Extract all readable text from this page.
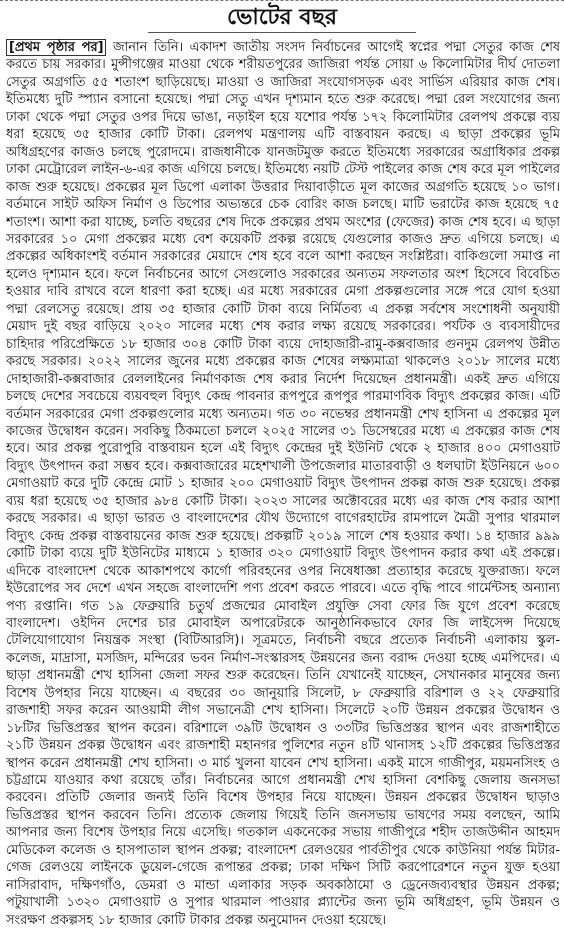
ভোটের বছর

[প্রথম পৃষ্ঠার পর] জানান তিনি। একাদশ জাতীয় সংসদ নির্বাচনের আগেই স্বপ্নের পদ্মা সেতুর কাজ শেষ করতে চায় সরকার। মুন্সীগঞ্জের মাওয়া থেকে শরীয়তপুরের জাজিরা পর্যন্ত সোয়া ৬ কিলোমিটার দীর্ঘ দোতলা সেতুর অগ্রগতি ৫৫ শতাংশ ছাড়িয়েছে। মাওয়া ও জাজিরা সংযোগসড়ক এবং সার্ভিস এরিয়ার কাজ শেষ। ইতিমধ্যে দুটি স্প্যান বসানো হয়েছে। পদ্মা সেতু এখন দৃশ্যমান হতে শুরু করেছে। পদ্মা রেল সংযোগের জন্য ঢাকা থেকে পদ্মা সেতুর ওপর দিয়ে ভাঙা, নড়াইল হয়ে যশোর পর্যন্ত ১৭২ কিলোমিটার রেলপথ প্রকল্পে ব্যয় ধরা হয়েছে ৩৫ হাজার কোটি টাকা। রেলপথ মন্ত্রণালয় এটি বাস্তবায়ন করছে। এ ছাড়া প্রকল্পের ভূমি অধিগ্রহণের কাজও চলছে পুরোদমে। রাজধানীকে যানজটমুক্ত করতে ইতিমধ্যে সরকারের অগ্রাধিকার প্রকল্প ঢাকা মেট্রোরেল লাইন-৬-এর কাজ এগিয়ে চলছে। ইতিমধ্যে নয়টি টেস্ট পাইলের কাজ শেষ করে মূল পাইলের কাজ শুরু হয়েছে। প্রকল্পের মূল ডিপো এলাকা উত্তরার দিয়াবাড়ীতে মূল কাজের অগ্রগতি হয়েছে ১০ ভাগ। বর্তমানে সাইট অফিস নির্মাণ ও ডিপোর অভ্যন্তরে চেক বোরিং কাজ চলছে। মাটি ভরাটের কাজ হয়েছে ৭৫ শতাংশ। আশা করা যাচ্ছে, চলতি বছরের শেষ দিকে প্রকল্পের প্রথম অংশের (ফেজের) কাজ শেষ হবে। এ ছাড়া সরকারের ১০ মেগা প্রকল্পের মধ্যে বেশ কয়েকটি প্রকল্প রয়েছে যেগুলোর কাজও দ্রুত এগিয়ে চলছে। এ প্রকল্পের অধিকাংশই বর্তমান সরকারের মেয়াদে শেষ হবে বলে আশা করছেন সংশ্লিষ্টরা। বাকিগুলো সমাপ্ত না হলেও দৃশ্যমান হবে। ফলে নির্বাচনের আগে সেগুলোও সরকারের অন্যতম সফলতার অংশ হিসেবে বিবেচিত হওয়ার দাবি রাখবে বলে ধারণা করা হচ্ছে। এর মধ্যে সরকারের মেগা প্রকল্পগুলোর সঙ্গে পরে যোগ হওয়া পদ্মা রেলসেতু রয়েছে। প্রায় ৩৫ হাজার কোটি টাকা ব্যয়ে নির্মিতব্য এ প্রকল্প সর্বশেষ সংশোধনী অনুযায়ী মেয়াদ দুই বছর বাড়িয়ে ২০২০ সালের মধ্যে শেষ করার লক্ষ্য রয়েছে সরকারের। পর্যটক ও ব্যবসায়ীদের চাহিদার পরিপ্রেক্ষিতে ১৮ হাজার ৩০৪ কোটি টাকা ব্যয়ে দোহাজারী-রামু-কক্সবাজার গুনদুম রেলপথ উন্নীত করছে সরকার। ২০২২ সালের জুনের মধ্যে প্রকল্পের কাজ শেষের লক্ষ্যমাত্রা থাকলেও ২০১৮ সালের মধ্যে দোহাজারী-কক্সবাজার রেললাইনের নির্মাণকাজ শেষ করার নির্দেশ দিয়েছেন প্রধানমন্ত্রী। একই দ্রুত এগিয়ে চলছে দেশের সবচেয়ে ব্যয়বহুল বিদ্যুৎ কেন্দ্র পাবনার রূপপুরে রূপপুর পারমাণবিক বিদ্যুৎ প্রকল্পের কাজ। এটি বর্তমান সরকারের মেগা প্রকল্পগুলোর মধ্যে অন্যতম। গত ৩০ নভেম্বর প্রধানমন্ত্রী শেখ হাসিনা এ প্রকল্পের মূল কাজের উদ্বোধন করেন। সবকিছু ঠিকমতো চললে ২০২৫ সালের ৩১ ডিসেম্বরের মধ্যে এ প্রকল্পের কাজ শেষ হবে। আর প্রকল্প পুরোপুরি বাস্তবায়ন হলে এই বিদ্যুৎ কেন্দ্রের দুই ইউনিট থেকে ২ হাজার ৪০০ মেগাওয়াট বিদ্যুৎ উৎপাদন করা সম্ভব হবে। কক্সবাজারের মহেশখালী উপজেলার মাতারবাড়ী ও ধলঘাটা ইউনিয়নে ৬০০ মেগাওয়াট করে দুটি কেন্দ্রে মোট ১ হাজার ২০০ মেগাওয়াট বিদ্যুৎ উৎপাদন প্রকল্প কাজ শুরু হয়েছে। প্রকল্প ব্যয় ধরা হয়েছে ৩৫ হাজার ৯৮৪ কোটি টাকা। ২০২৩ সালের অক্টোবরের মধ্যে এর কাজ শেষ করার আশা করছে সরকার। এ ছাড়া ভারত ও বাংলাদেশের যৌথ উদ্যোগে বাগেরহাটের রামপালে মৈত্রী সুপার থারমাল বিদ্যুৎ কেন্দ্র প্রকল্প বাস্তবায়নের কাজ শুরু হয়েছে। প্রকল্পটি ২০১৯ সালে শেষ হওয়ার কথা। ১৪ হাজার ৯৯৯ কোটি টাকা ব্যয়ে দুটি ইউনিটের মাধ্যমে ১ হাজার ৩২০ মেগাওয়াট বিদ্যুৎ উৎপাদন করার কথা এই প্রকল্পে। এদিকে বাংলাদেশ থেকে আকাশপথে কার্গো পরিবহনের ওপর নিষেধাজ্ঞা প্রত্যাহার করেছে যুক্তরাজ্য। ফলে ইউরোপের সব দেশে এখন সহজে বাংলাদেশি পণ্য প্রবেশ করতে পারবে। এতে বৃদ্ধি পাবে গার্মেন্টসহ অন্যান্য পণ্য রপ্তানি। গত ১৯ ফেব্রুয়ারি চতুর্থ প্রজন্মের মোবাইল প্রযুক্তি সেবা ফোর জি যুগে প্রবেশ করেছে বাংলাদেশ। ওইদিন দেশের চার মোবাইল অপারেটরকে আনুষ্ঠানিকভাবে ফোর জি লাইসেন্স দিয়েছে টেলিযোগাযোগ নিয়ন্ত্রক সংস্থা (বিটিআরসি)। সূত্রমতে, নির্বাচনী বছরে প্রত্যেক নির্বাচনী এলাকায় স্কুল-কলেজ, মাদ্রাসা, মসজিদ, মন্দিরের ভবন নির্মাণ-সংস্কারসহ উন্নয়নের জন্য বরাদ্দ দেওয়া হচ্ছে এমপিদের। এ ছাড়া প্রধানমন্ত্রী শেখ হাসিনা জেলা সফর শুরু করেছেন। তিনি যেখানেই যাচ্ছেন, সেখানকার মানুষের জন্য বিশেষ উপহার নিয়ে যাচ্ছেন। এ বছরের ৩০ জানুয়ারি সিলেট, ৮ ফেব্রুয়ারি বরিশাল ও ২২ ফেব্রুয়ারি রাজশাহী সফর করেন আওয়ামী লীগ সভানেত্রী শেখ হাসিনা। সিলেটে ২০টি উন্নয়ন প্রকল্পের উদ্বোধন ও ১৮টির ভিত্তিপ্রস্তর স্থাপন করেন। বরিশালে ৩৯টি উদ্বোধন ও ৩৩টির ভিত্তিপ্রস্তর স্থাপন এবং রাজশাহীতে ২১টি উন্নয়ন প্রকল্প উদ্বোধন এবং রাজশাহী মহানগর পুলিশের নতুন ৪টি থানাসহ ১২টি প্রকল্পের ভিত্তিপ্রস্তর স্থাপন করেন প্রধানমন্ত্রী শেখ হাসিনা। ৩ মার্চ খুলনা যাবেন শেখ হাসিনা। একই মাসে গাজীপুর, ময়মনসিংহ ও চট্টগ্রামে যাওয়ার কথা রয়েছে তাঁর। নির্বাচনের আগে প্রধানমন্ত্রী শেখ হাসিনা বেশকিছু জেলায় জনসভা করবেন। প্রতিটি জেলার জন্যই তিনি বিশেষ উপহার নিয়ে যাচ্ছেন। উন্নয়ন প্রকল্পের উদ্বোধন ছাড়াও ভিত্তিপ্রস্তর স্থাপন করবেন তিনি। প্রত্যেক জেলায় গিয়েই তিনি জনসভায় ভাষণের সময় বলছেন, আমি আপনার জন্য বিশেষ উপহার নিয়ে এসেছি। গতকাল একনেকের সভায় গাজীপুরে শহীদ তাজউদ্দীন আহমদ মেডিকেল কলেজ ও হাসপাতাল স্থাপন প্রকল্প; বাংলাদেশ রেলওয়ের পার্বতীপুর থেকে কাউনিয়া পর্যন্ত মিটার-গেজ রেলওয়ে লাইনকে ডুয়েল-গেজে রূপান্তর প্রকল্প; ঢাকা দক্ষিণ সিটি করপোরেশনে নতুন যুক্ত হওয়া নাসিরাবাদ, দক্ষিণগাঁও, ডেমরা ও মান্ডা এলাকার সড়ক অবকাঠামো ও ড্রেনেজব্যবস্থার উন্নয়ন প্রকল্প; পটুয়াখালী ১৩২০ মেগাওয়াট ও সুপার থারমাল পাওয়ার প্ল্যান্টের জন্য ভূমি অধিগ্রহণ, ভূমি উন্নয়ন ও সংরক্ষণ প্রকল্পসহ ১৮ হাজার কোটি টাকার প্রকল্প অনুমোদন দেওয়া হয়েছে।
